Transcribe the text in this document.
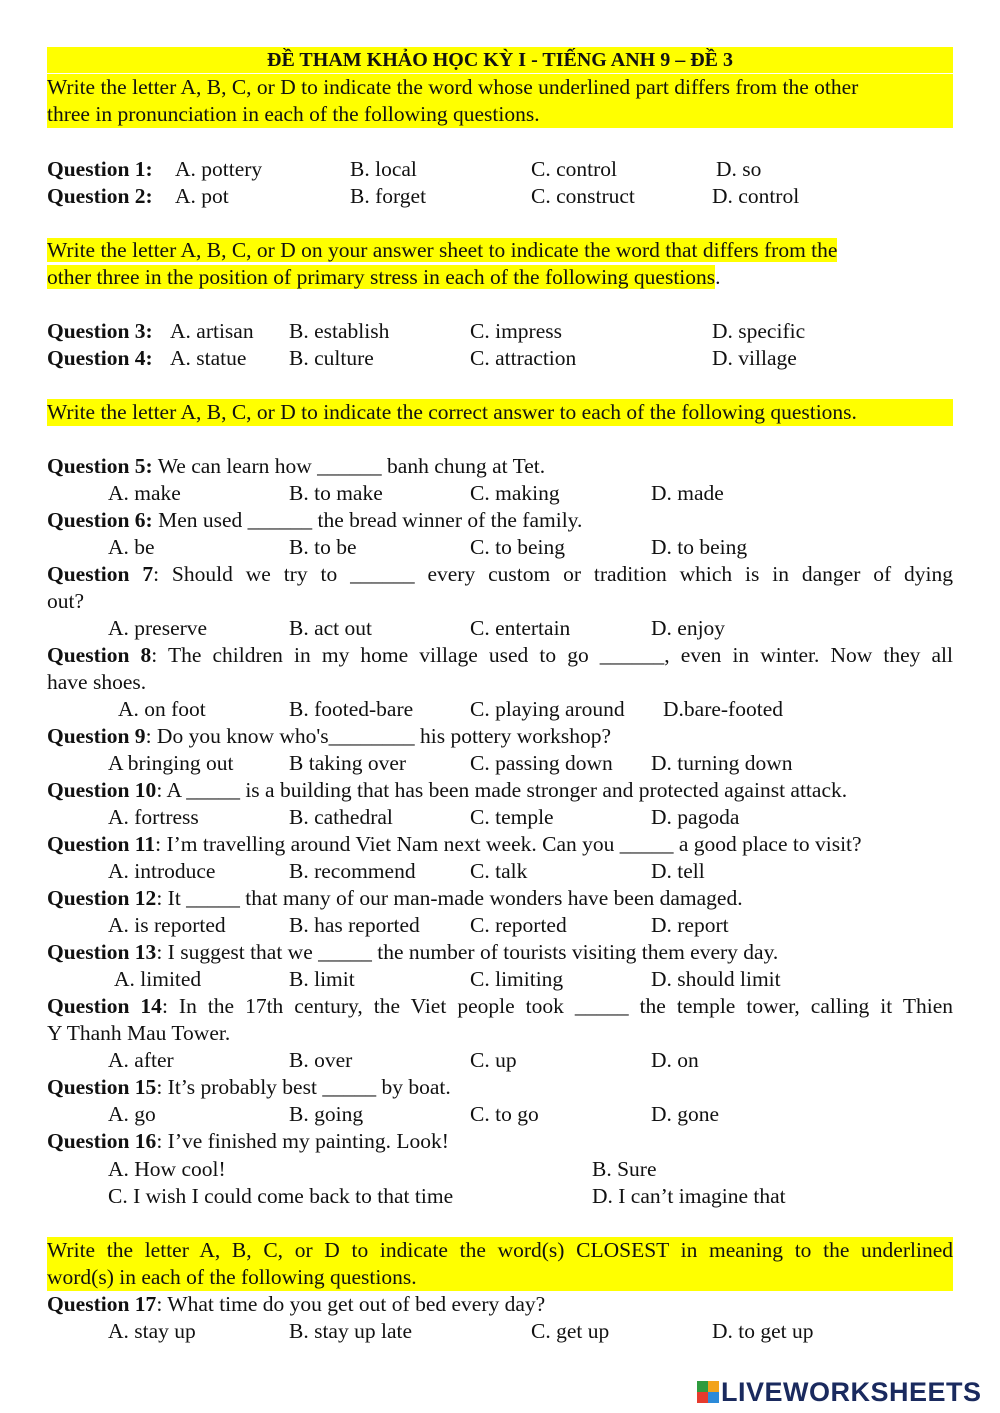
ĐỀ THAM KHẢO HỌC KỲ I - TIẾNG ANH 9 – ĐỀ 3
Write the letter A, B, C, or D to indicate the word whose underlined part differs from the other
three in pronunciation in each of the following questions.
Question 1:	A. pottery	B. local	C. control	D. so
Question 2:	A. pot	B. forget	C. construct	D. control
Write the letter A, B, C, or D on your answer sheet to indicate the word that differs from the
other three in the position of primary stress in each of the following questions.
Question 3: A. artisan B. establish	C. impress	D. specific
Question 4: A. statue B. culture	C. attraction	D. village
Write the letter A, B, C, or D to indicate the correct answer to each of the following questions.
Question 5: We can learn how ______ banh chung at Tet.
A. make	B. to make	C. making	D. made
Question 6: Men used ______ the bread winner of the family.
A. be	B. to be	C. to being	D. to being
Question 7: Should we try to ______ every custom or tradition which is in danger of dying
out?
A. preserve	B. act out	C. entertain	D. enjoy
Question 8: The children in my home village used to go ______, even in winter. Now they all
have shoes.
A. on foot	B. footed-bare	C. playing around D.bare-footed
Question 9: Do you know who's________ his pottery workshop?
A bringing out	B taking over	C. passing down D. turning down
Question 10: A _____ is a building that has been made stronger and protected against attack.
A. fortress	B. cathedral	C. temple	D. pagoda
Question 11: I’m travelling around Viet Nam next week. Can you _____ a good place to visit?
A. introduce	B. recommend	C. talk	D. tell
Question 12: It _____ that many of our man-made wonders have been damaged.
A. is reported	B. has reported C. reported	D. report
Question 13: I suggest that we _____ the number of tourists visiting them every day.
A. limited	B. limit	C. limiting	D. should limit
Question 14: In the 17th century, the Viet people took _____ the temple tower, calling it Thien
Y Thanh Mau Tower.
A. after	B. over	C. up	D. on
Question 15: It’s probably best _____ by boat.
A. go	B. going	C. to go	D. gone
Question 16: I’ve finished my painting. Look!
A. How cool!	B. Sure
C. I wish I could come back to that time	D. I can’t imagine that
Write the letter A, B, C, or D to indicate the word(s) CLOSEST in meaning to the underlined
word(s) in each of the following questions.
Question 17: What time do you get out of bed every day?
A. stay up	B. stay up late	C. get up	D. to get up
LIVEWORKSHEETS
